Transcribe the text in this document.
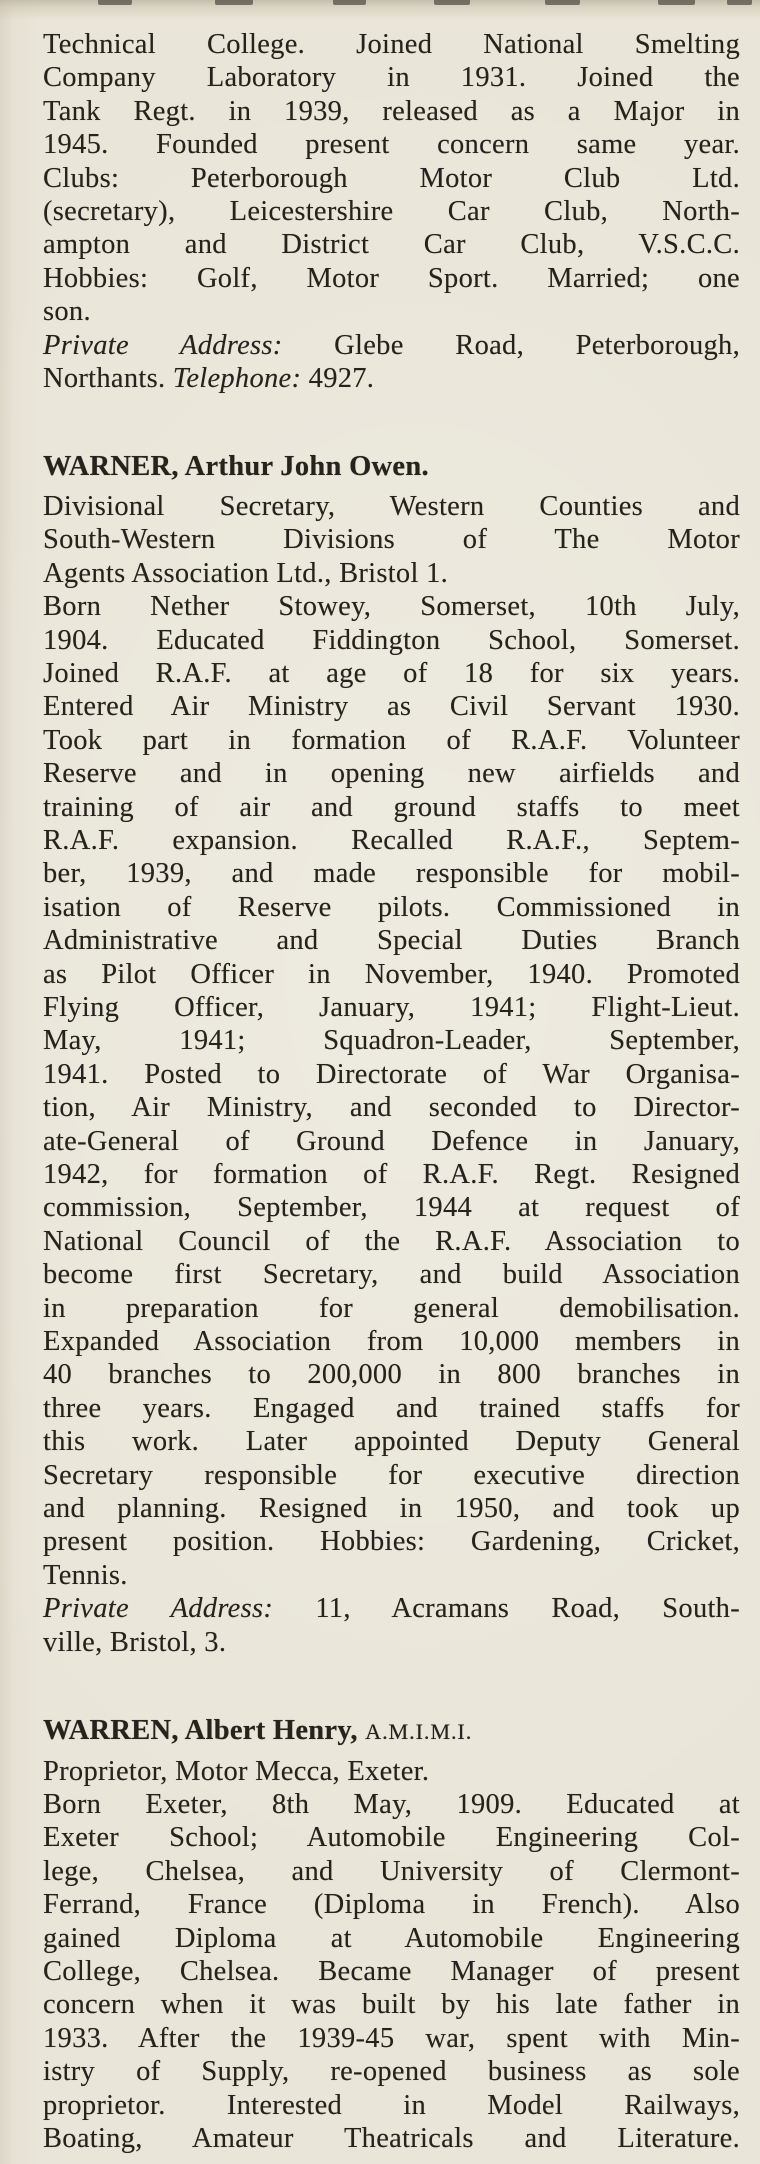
Technical College. Joined National Smelting
Company Laboratory in 1931. Joined the
Tank Regt. in 1939, released as a Major in
1945. Founded present concern same year.
Clubs: Peterborough Motor Club Ltd.
(secretary), Leicestershire Car Club, North-
ampton and District Car Club, V.S.C.C.
Hobbies: Golf, Motor Sport. Married; one
son.
Private Address: Glebe Road, Peterborough,
Northants. Telephone: 4927.
WARNER, Arthur John Owen.
Divisional Secretary, Western Counties and
South-Western Divisions of The Motor
Agents Association Ltd., Bristol 1.
Born Nether Stowey, Somerset, 10th July,
1904. Educated Fiddington School, Somerset.
Joined R.A.F. at age of 18 for six years.
Entered Air Ministry as Civil Servant 1930.
Took part in formation of R.A.F. Volunteer
Reserve and in opening new airfields and
training of air and ground staffs to meet
R.A.F. expansion. Recalled R.A.F., Septem-
ber, 1939, and made responsible for mobil-
isation of Reserve pilots. Commissioned in
Administrative and Special Duties Branch
as Pilot Officer in November, 1940. Promoted
Flying Officer, January, 1941; Flight-Lieut.
May, 1941; Squadron-Leader, September,
1941. Posted to Directorate of War Organisa-
tion, Air Ministry, and seconded to Director-
ate-General of Ground Defence in January,
1942, for formation of R.A.F. Regt. Resigned
commission, September, 1944 at request of
National Council of the R.A.F. Association to
become first Secretary, and build Association
in preparation for general demobilisation.
Expanded Association from 10,000 members in
40 branches to 200,000 in 800 branches in
three years. Engaged and trained staffs for
this work. Later appointed Deputy General
Secretary responsible for executive direction
and planning. Resigned in 1950, and took up
present position. Hobbies: Gardening, Cricket,
Tennis.
Private Address: 11, Acramans Road, South-
ville, Bristol, 3.
WARREN, Albert Henry, A.M.I.M.I.
Proprietor, Motor Mecca, Exeter.
Born Exeter, 8th May, 1909. Educated at
Exeter School; Automobile Engineering Col-
lege, Chelsea, and University of Clermont-
Ferrand, France (Diploma in French). Also
gained Diploma at Automobile Engineering
College, Chelsea. Became Manager of present
concern when it was built by his late father in
1933. After the 1939-45 war, spent with Min-
istry of Supply, re-opened business as sole
proprietor. Interested in Model Railways,
Boating, Amateur Theatricals and Literature.
